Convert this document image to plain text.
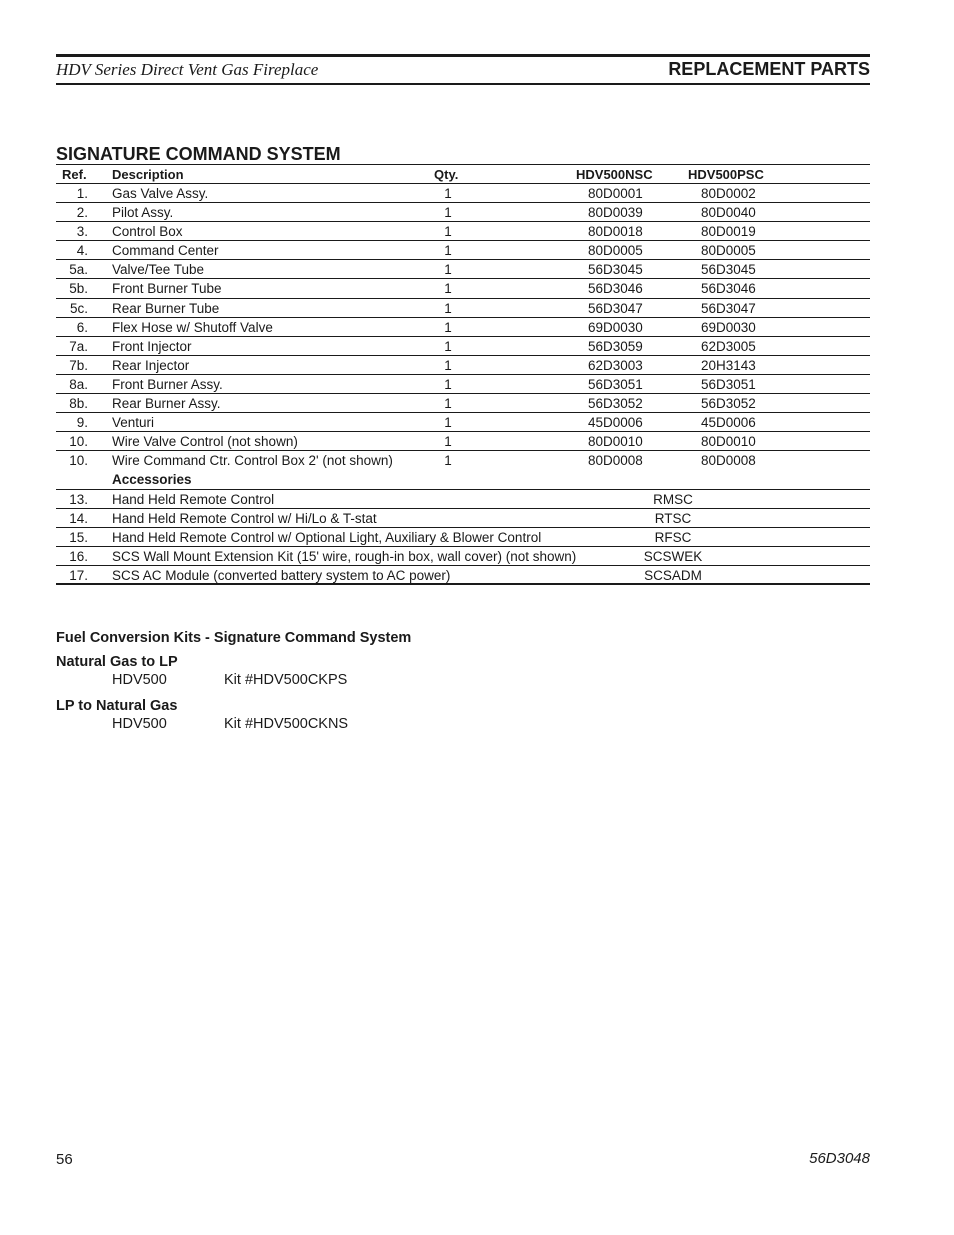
HDV Series Direct Vent Gas Fireplace	REPLACEMENT PARTS
SIGNATURE COMMAND SYSTEM
Ref. Description	Qty.	HDV500NSC	HDV500PSC
1. Gas Valve Assy.	1	80D0001	80D0002
2. Pilot Assy.	1	80D0039	80D0040
3. Control Box	1	80D0018	80D0019
4. Command Center	1	80D0005	80D0005
5a. Valve/Tee Tube	1	56D3045	56D3045
5b. Front Burner Tube	1	56D3046	56D3046
5c. Rear Burner Tube	1	56D3047	56D3047
6. Flex Hose w/ Shutoff Valve	1	69D0030	69D0030
7a. Front Injector	1	56D3059	62D3005
7b. Rear Injector	1	62D3003	20H3143
8a. Front Burner Assy.	1	56D3051	56D3051
8b. Rear Burner Assy.	1	56D3052	56D3052
9. Venturi	1	45D0006	45D0006
10. Wire Valve Control (not shown)	1	80D0010	80D0010
10. Wire Command Ctr. Control Box 2' (not shown)	1	80D0008	80D0008
Accessories
13. Hand Held Remote Control	RMSC
14. Hand Held Remote Control w/ Hi/Lo & T-stat	RTSC
15. Hand Held Remote Control w/ Optional Light, Auxiliary & Blower Control	RFSC
16. SCS Wall Mount Extension Kit (15' wire, rough-in box, wall cover) (not shown)	SCSWEK
17. SCS AC Module (converted battery system to AC power)	SCSADM
Fuel Conversion Kits - Signature Command System
Natural Gas to LP
HDV500	Kit #HDV500CKPS
LP to Natural Gas
HDV500	Kit #HDV500CKNS
56	56D3048
